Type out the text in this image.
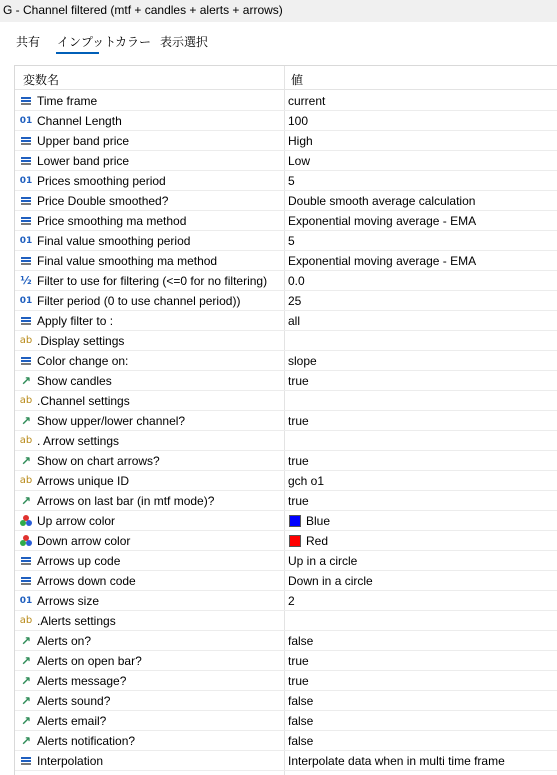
G - Channel filtered (mtf + candles + alerts + arrows)
共有 インプット
カラー 表示選択
変数名	値
Time frame	current
01 Channel Length	100
Upper band price	High
Lower band price	Low
01 Prices smoothing period	5
Price Double smoothed?	Double smooth average calculation
Price smoothing ma method	Exponential moving average - EMA
01 Final value smoothing period	5
Final value smoothing ma method	Exponential moving average - EMA
½ Filter to use for filtering (<=0 for no filtering) 0.0
01 Filter period (0 to use channel period))	25
Apply filter to :	all
ab .Display settings
Color change on:	slope
↗ Show candles	true
ab .Channel settings
↗ Show upper/lower channel?	true
ab . Arrow settings
↗ Show on chart arrows?	true
ab Arrows unique ID	gch o1
↗ Arrows on last bar (in mtf mode)?	true
Up arrow color	Blue
Down arrow color	Red
Arrows up code	Up in a circle
Arrows down code	Down in a circle
01 Arrows size	2
ab .Alerts settings
↗ Alerts on?	false
↗ Alerts on open bar?	true
↗ Alerts message?	true
↗ Alerts sound?	false
↗ Alerts email?	false
↗ Alerts notification?	false
Interpolation	Interpolate data when in multi time frame
